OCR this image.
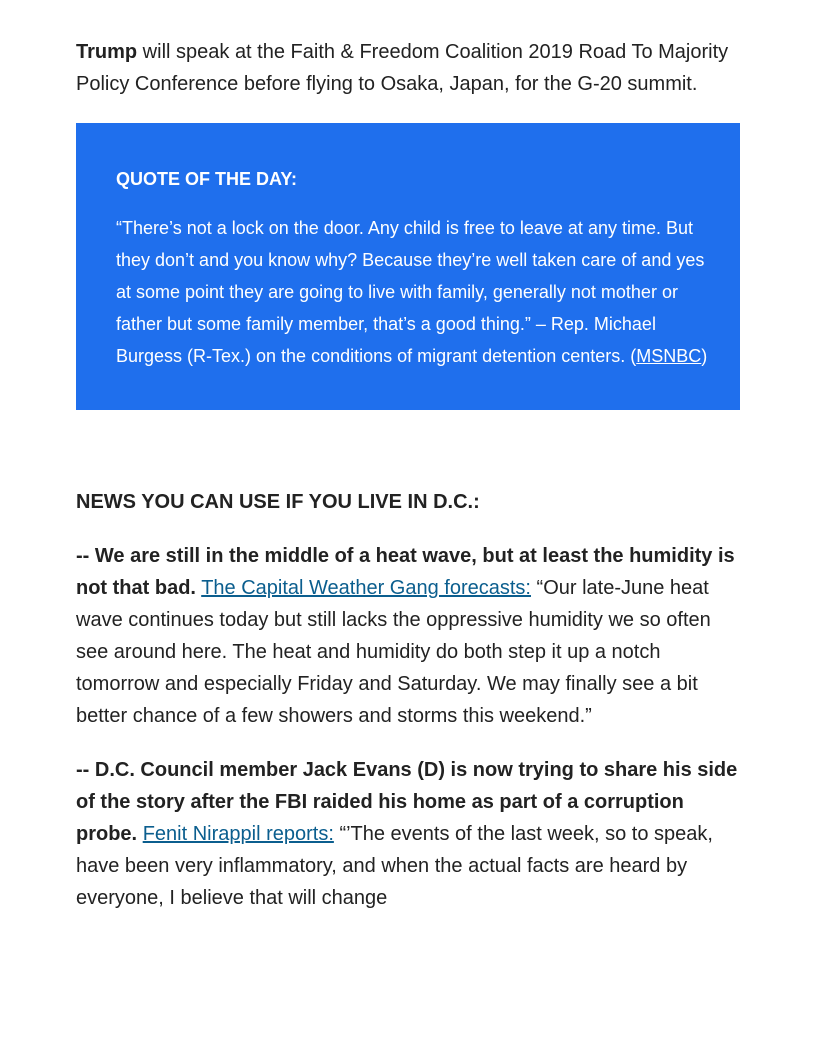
Trump will speak at the Faith & Freedom Coalition 2019 Road To Majority Policy Conference before flying to Osaka, Japan, for the G-20 summit.

QUOTE OF THE DAY:

“There’s not a lock on the door. Any child is free to leave at any time. But they don’t and you know why? Because they’re well taken care of and yes at some point they are going to live with family, generally not mother or father but some family member, that’s a good thing.” – Rep. Michael Burgess (R-Tex.) on the conditions of migrant detention centers. (MSNBC)

NEWS YOU CAN USE IF YOU LIVE IN D.C.:

-- We are still in the middle of a heat wave, but at least the humidity is not that bad. The Capital Weather Gang forecasts: “Our late-June heat wave continues today but still lacks the oppressive humidity we so often see around here. The heat and humidity do both step it up a notch tomorrow and especially Friday and Saturday. We may finally see a bit better chance of a few showers and storms this weekend.”

-- D.C. Council member Jack Evans (D) is now trying to share his side of the story after the FBI raided his home as part of a corruption probe. Fenit Nirappil reports: “’The events of the last week, so to speak, have been very inflammatory, and when the actual facts are heard by everyone, I believe that will change
